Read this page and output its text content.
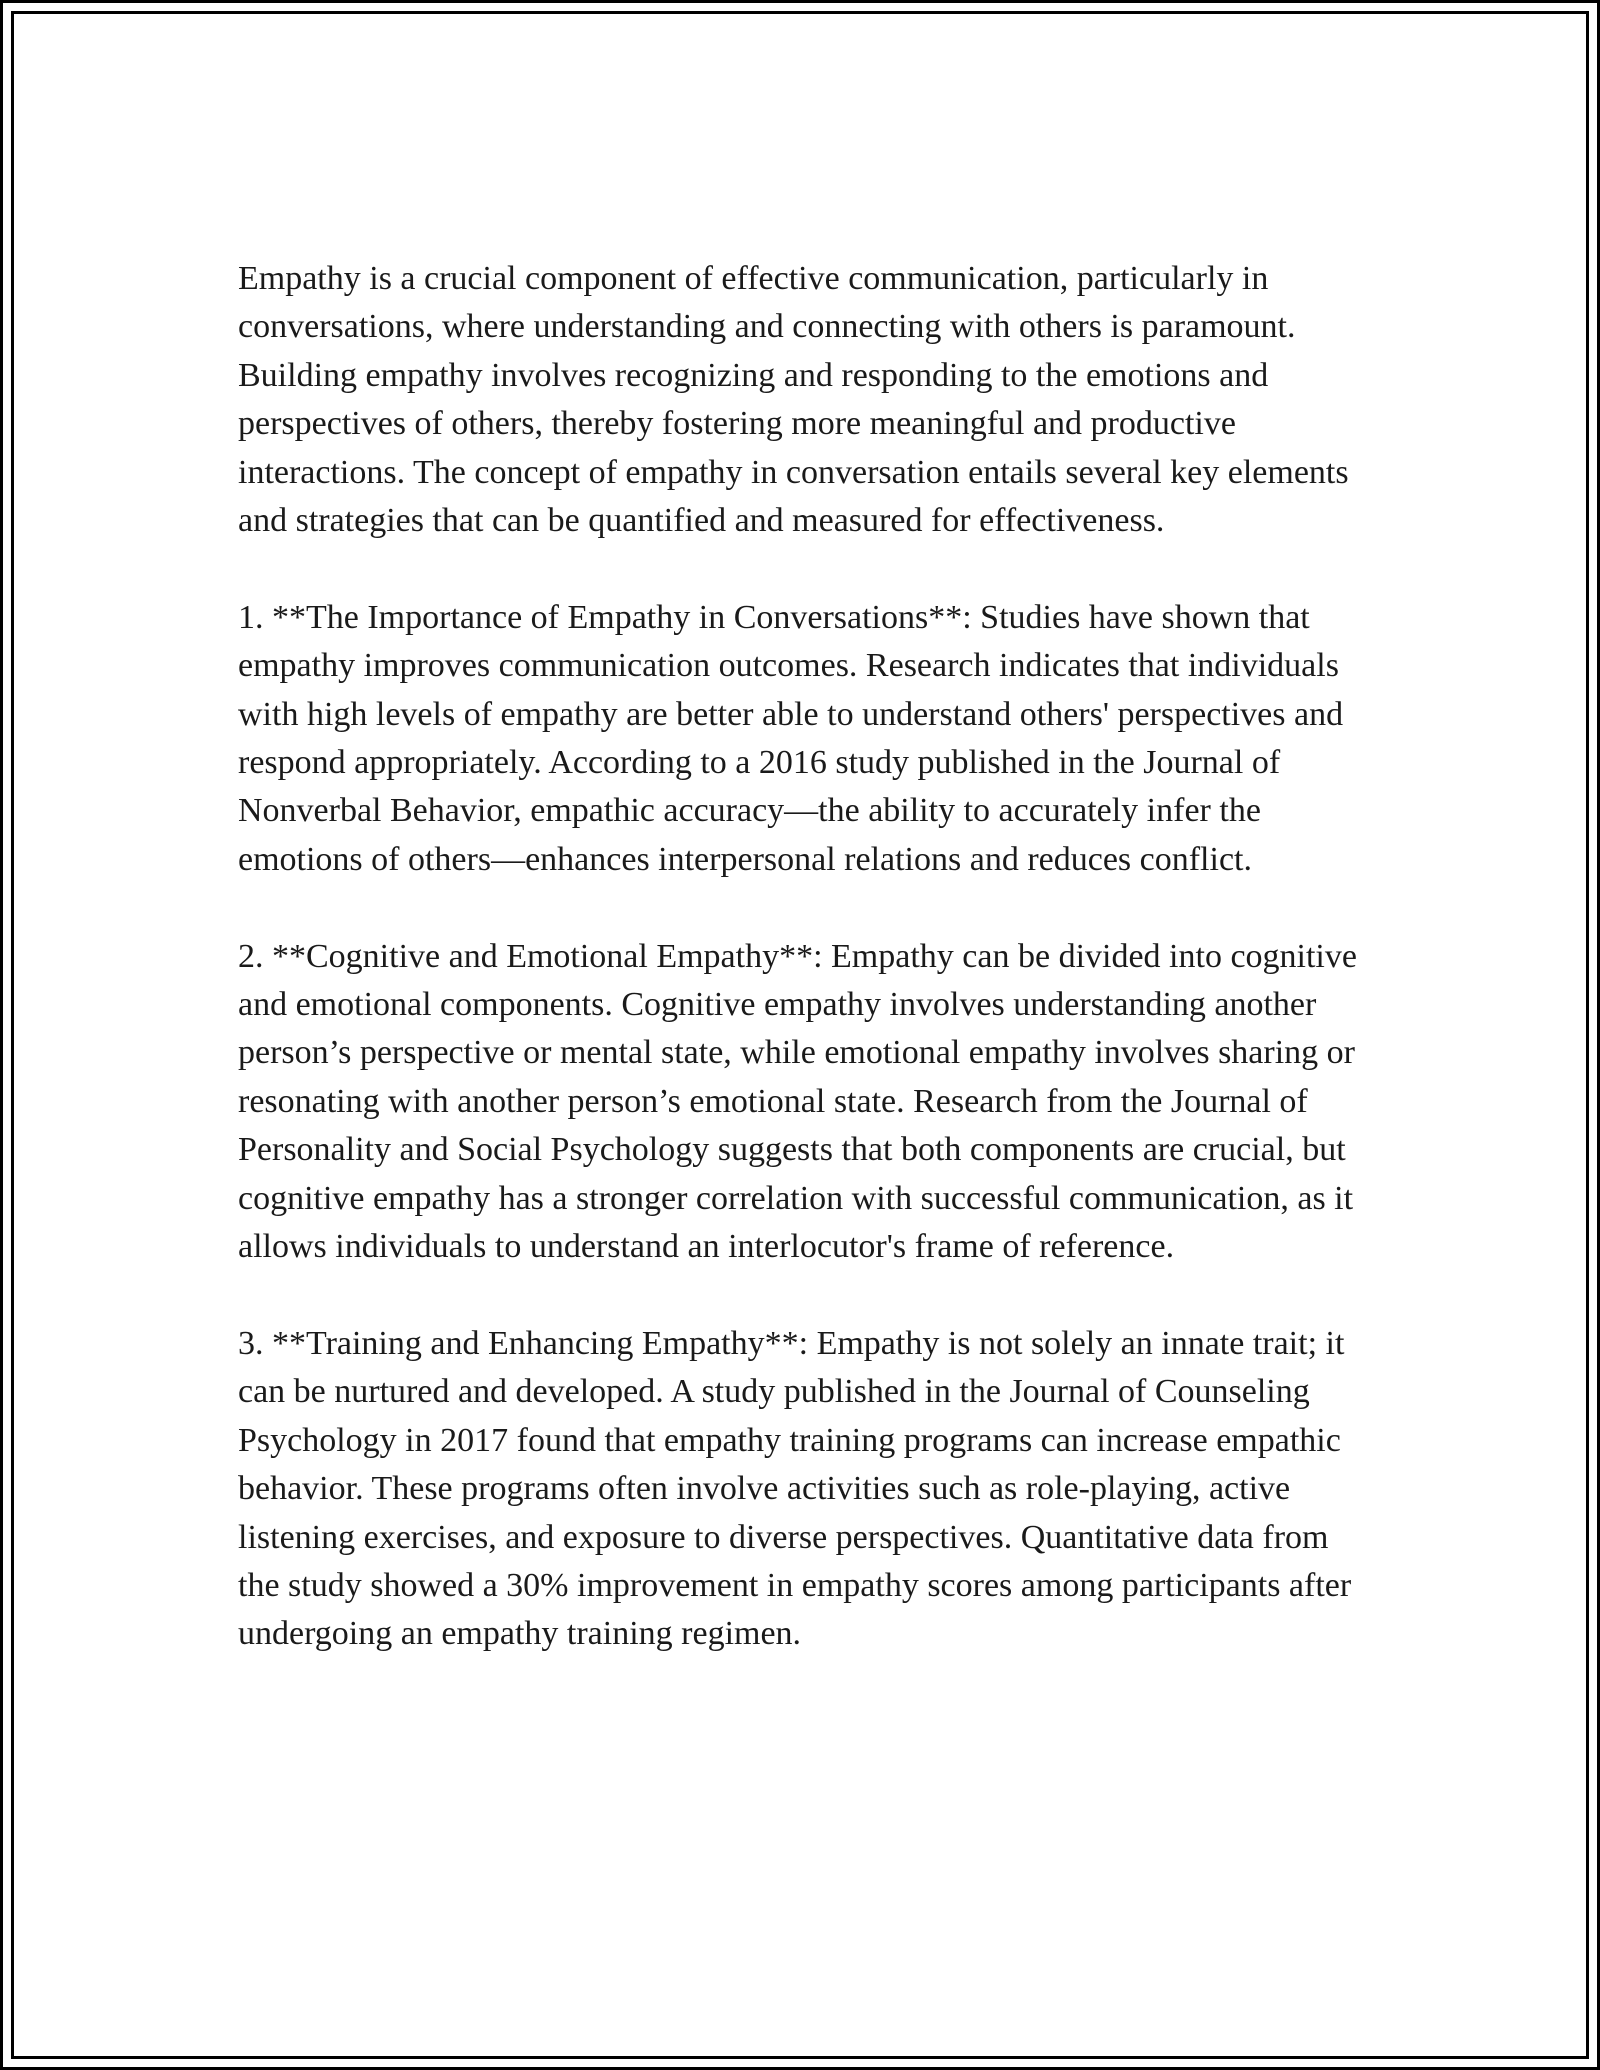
Empathy is a crucial component of effective communication, particularly in conversations, where understanding and connecting with others is paramount. Building empathy involves recognizing and responding to the emotions and perspectives of others, thereby fostering more meaningful and productive interactions. The concept of empathy in conversation entails several key elements and strategies that can be quantified and measured for effectiveness.

1. **The Importance of Empathy in Conversations**: Studies have shown that empathy improves communication outcomes. Research indicates that individuals with high levels of empathy are better able to understand others' perspectives and respond appropriately. According to a 2016 study published in the Journal of Nonverbal Behavior, empathic accuracy—the ability to accurately infer the emotions of others—enhances interpersonal relations and reduces conflict.

2. **Cognitive and Emotional Empathy**: Empathy can be divided into cognitive and emotional components. Cognitive empathy involves understanding another person’s perspective or mental state, while emotional empathy involves sharing or resonating with another person’s emotional state. Research from the Journal of Personality and Social Psychology suggests that both components are crucial, but cognitive empathy has a stronger correlation with successful communication, as it allows individuals to understand an interlocutor's frame of reference.

3. **Training and Enhancing Empathy**: Empathy is not solely an innate trait; it can be nurtured and developed. A study published in the Journal of Counseling Psychology in 2017 found that empathy training programs can increase empathic behavior. These programs often involve activities such as role-playing, active listening exercises, and exposure to diverse perspectives. Quantitative data from the study showed a 30% improvement in empathy scores among participants after undergoing an empathy training regimen.
